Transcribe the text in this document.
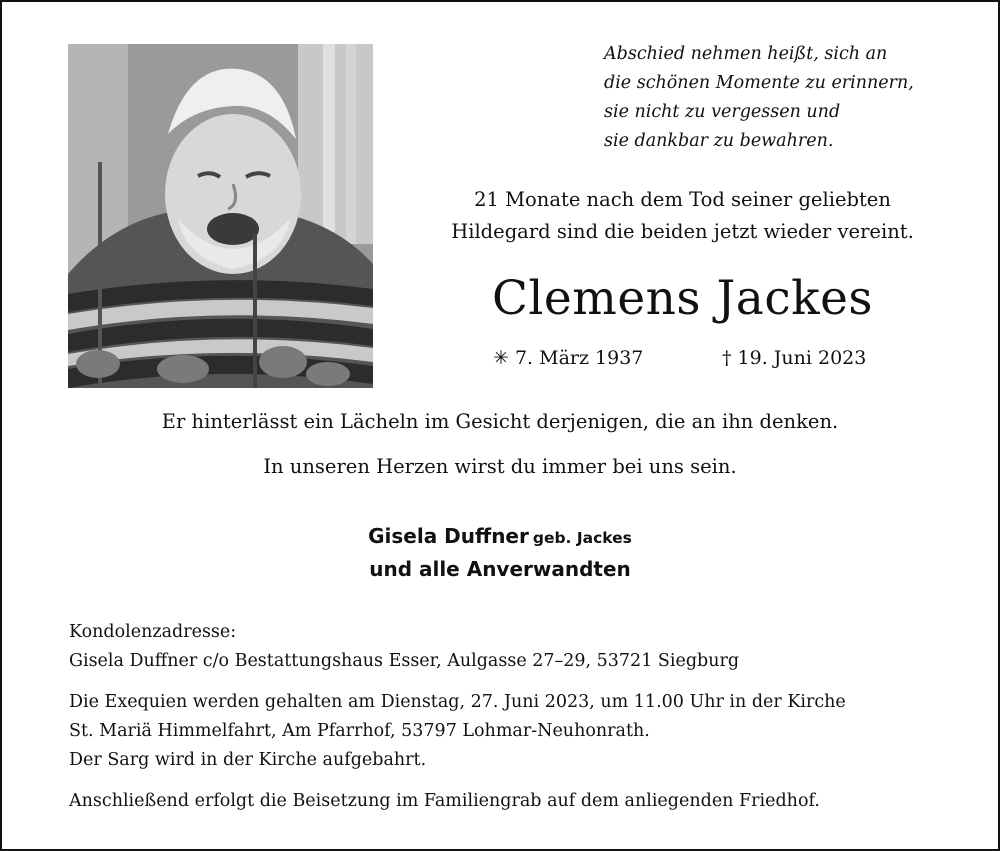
Abschied nehmen heißt, sich an
die schönen Momente zu erinnern,
sie nicht zu vergessen und
sie dankbar zu bewahren.
21 Monate nach dem Tod seiner geliebten
Hildegard sind die beiden jetzt wieder vereint.
Clemens Jackes
✳ 7. März 1937	† 19. Juni 2023
Er hinterlässt ein Lächeln im Gesicht derjenigen, die an ihn denken.
In unseren Herzen wirst du immer bei uns sein.
Gisela Duffner geb. Jackes
und alle Anverwandten
Kondolenzadresse:
Gisela Duffner c/o Bestattungshaus Esser, Aulgasse 27–29, 53721 Siegburg
Die Exequien werden gehalten am Dienstag, 27. Juni 2023, um 11.00 Uhr in der Kirche
St. Mariä Himmelfahrt, Am Pfarrhof, 53797 Lohmar-Neuhonrath.
Der Sarg wird in der Kirche aufgebahrt.
Anschließend erfolgt die Beisetzung im Familiengrab auf dem anliegenden Friedhof.
